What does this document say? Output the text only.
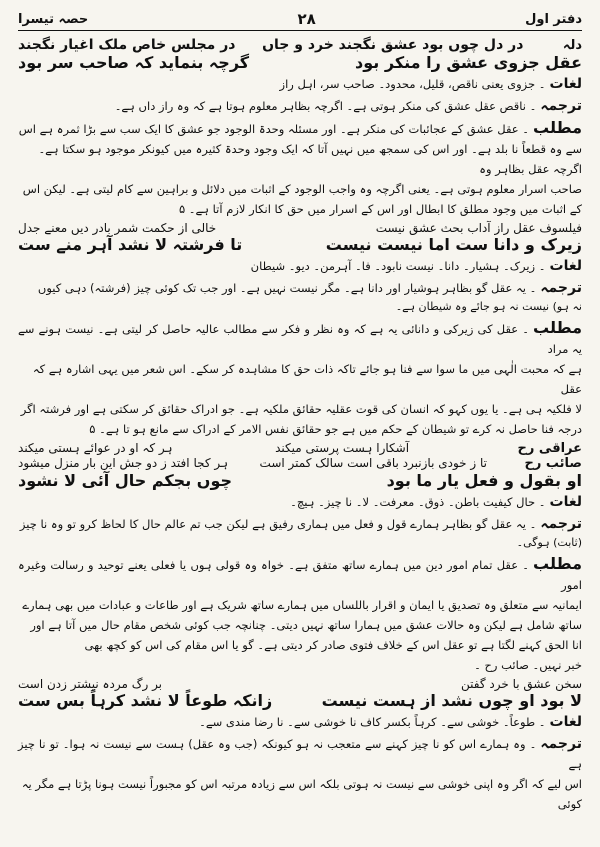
دفتر اول
۲۸
حصہ تیسرا
دلہ
در دل چوں بود عشق نگجند خرد و جاں
در مجلس خاص ملک اغیار نگجند
عقل جزوی عشق را منکر بود
گرچہ بنماید کہ صاحب سر بود

لغات۔ جزوی یعنی ناقص، قلیل، محدود۔ صاحب سر، اہل راز

ترجمہ۔ ناقص عقل عشق کی منکر ہوتی ہے۔ اگرچہ بظاہر معلوم ہوتا ہے کہ وہ راز داں ہے۔

مطلب۔ عقل عشق کے عجائبات کی منکر ہے۔ اور مسئلہ وحدۃ الوجود جو عشق کا ایک سب سے بڑا ثمرہ ہے اس

سے وہ قطعاً نا بلد ہے۔ اور اس کی سمجھ میں نہیں آتا کہ ایک وجود وحدۃ کثیرہ میں کیونکر موجود ہو سکتا ہے۔ اگرچہ عقل بظاہر وہ

صاحب اسرار معلوم ہوتی ہے۔ یعنی اگرچہ وہ واجب الوجود کے اثبات میں دلائل و براہین سے کام لیتی ہے۔ لیکن اس

کے اثبات میں وجود مطلق کا ابطال اور اس کے اسرار میں حق کا انکار لازم آتا ہے۔ ۵

فیلسوف عقل راز آداب بحث عشق نیست
خالی از حکمت شمر بادر دیں معنے جدل
زیرک و دانا ست اما نیست نیست
تا فرشتہ لا نشد آہر منے ست

لغات۔ زیرک۔ ہشیار۔ دانا۔ نیست نابود۔ فا۔ آہرمن۔ دیو۔ شیطان

ترجمہ۔ یہ عقل گو بظاہر ہوشیار اور دانا ہے۔ مگر نیست نہیں ہے۔ اور جب تک کوئی چیز (فرشتہ) دہی کیوں

نہ ہو) نیست نہ ہو جائے وہ شیطان ہے۔

مطلب۔ عقل کی زیرکی و دانائی یہ ہے کہ وہ نظر و فکر سے مطالب عالیہ حاصل کر لیتی ہے۔ نیست ہونے سے یہ مراد

ہے کہ محبت الٰہی میں ما سوا سے فنا ہو جائے تاکہ ذات حق کا مشاہدہ کر سکے۔ اس شعر میں یہی اشارہ ہے کہ عقل

لا فلکیہ ہی ہے۔ یا یوں کہو کہ انسان کی قوت عقلیہ حقائق ملکیہ ہے۔ جو ادراک حقائق کر سکتی ہے اور فرشتہ اگر

درجہ فنا حاصل نہ کرے تو شیطان کے حکم میں ہے جو حقائق نفس الامر کے ادراک سے مانع ہو تا ہے۔ ۵

عراقی رح
آشکارا ہست پرستی میکند
ہر کہ او در عوائے ہستی میکند
صائب رح
تا ز خودی بازنبرد باقی است سالک کمتر است
ہر کجا افتد ز دو جش این بار منزل میشود
او بقول و فعل یار ما بود
چوں بجکم حال آئی لا نشود

لغات۔ حال کیفیت باطن۔ ذوق۔ معرفت۔ لا۔ نا چیز۔ ہیچ۔

ترجمہ۔ یہ عقل گو بظاہر ہمارے قول و فعل میں ہماری رفیق ہے لیکن جب تم عالم حال کا لحاظ کرو تو وہ نا چیز

(ثابت) ہوگی۔

مطلب۔ عقل تمام امور دین میں ہمارے ساتھ متفق ہے۔ خواہ وہ قولی ہوں یا فعلی یعنے توحید و رسالت وغیرہ امور

ایمانیہ سے متعلق وہ تصدیق یا ایمان و اقرار باللساں میں ہمارے ساتھ شریک ہے اور طاعات و عبادات میں بھی ہمارے

ساتھ شامل ہے لیکن وہ حالات عشق میں ہمارا ساتھ نہیں دیتی۔ چنانچہ جب کوئی شخص مقام حال میں آتا ہے اور

انا الحق کہنے لگتا ہے تو عقل اس کے خلاف فتوی صادر کر دیتی ہے۔ گو یا اس مقام کی اس کو کچھ بھی

خبر نہیں۔ صائب رح ۔

سخن عشق با خرد گفتن
بر رگ مردہ نیشتر زدن است
لا بود او چوں نشد از ہست نیست
زانکہ طوعاً لا نشد کرہاً بس ست

لغات۔ طوعاً۔ خوشی سے۔ کرہاً بکسر کاف نا خوشی سے۔ نا رضا مندی سے۔

ترجمہ۔ وہ ہمارے اس کو نا چیز کہنے سے متعجب نہ ہو کیونکہ (جب وہ عقل) ہست سے نیست نہ ہوا۔ تو نا چیز ہے

اس لیے کہ اگر وہ اپنی خوشی سے نیست نہ ہوتی بلکہ اس سے زیادہ مرتبہ اس کو مجبوراً نیست ہونا پڑتا ہے مگر یہ کوئی
